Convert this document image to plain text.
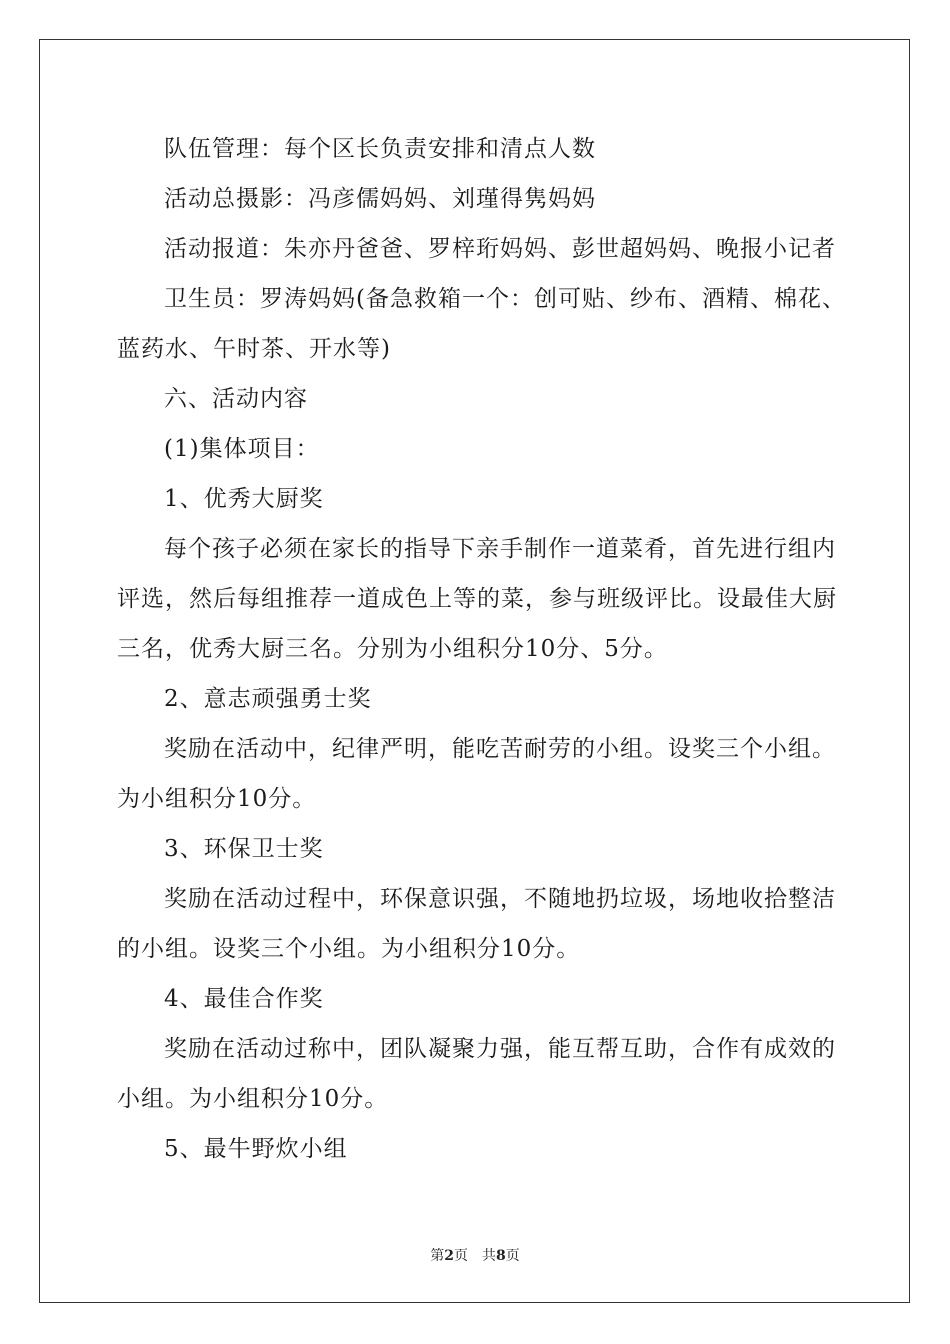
队伍管理：每个区长负责安排和清点人数

活动总摄影：冯彦儒妈妈、刘瑾得隽妈妈

活动报道：朱亦丹爸爸、罗梓珩妈妈、彭世超妈妈、晚报小记者

卫生员：罗涛妈妈(备急救箱一个：创可贴、纱布、酒精、棉花、蓝药水、午时茶、开水等)

六、活动内容

(1)集体项目：

1、优秀大厨奖

每个孩子必须在家长的指导下亲手制作一道菜肴，首先进行组内评选，然后每组推荐一道成色上等的菜，参与班级评比。设最佳大厨三名，优秀大厨三名。分别为小组积分10分、5分。

2、意志顽强勇士奖

奖励在活动中，纪律严明，能吃苦耐劳的小组。设奖三个小组。为小组积分10分。

3、环保卫士奖

奖励在活动过程中，环保意识强，不随地扔垃圾，场地收拾整洁的小组。设奖三个小组。为小组积分10分。

4、最佳合作奖

奖励在活动过称中，团队凝聚力强，能互帮互助，合作有成效的小组。为小组积分10分。

5、最牛野炊小组

第2页 共8页
